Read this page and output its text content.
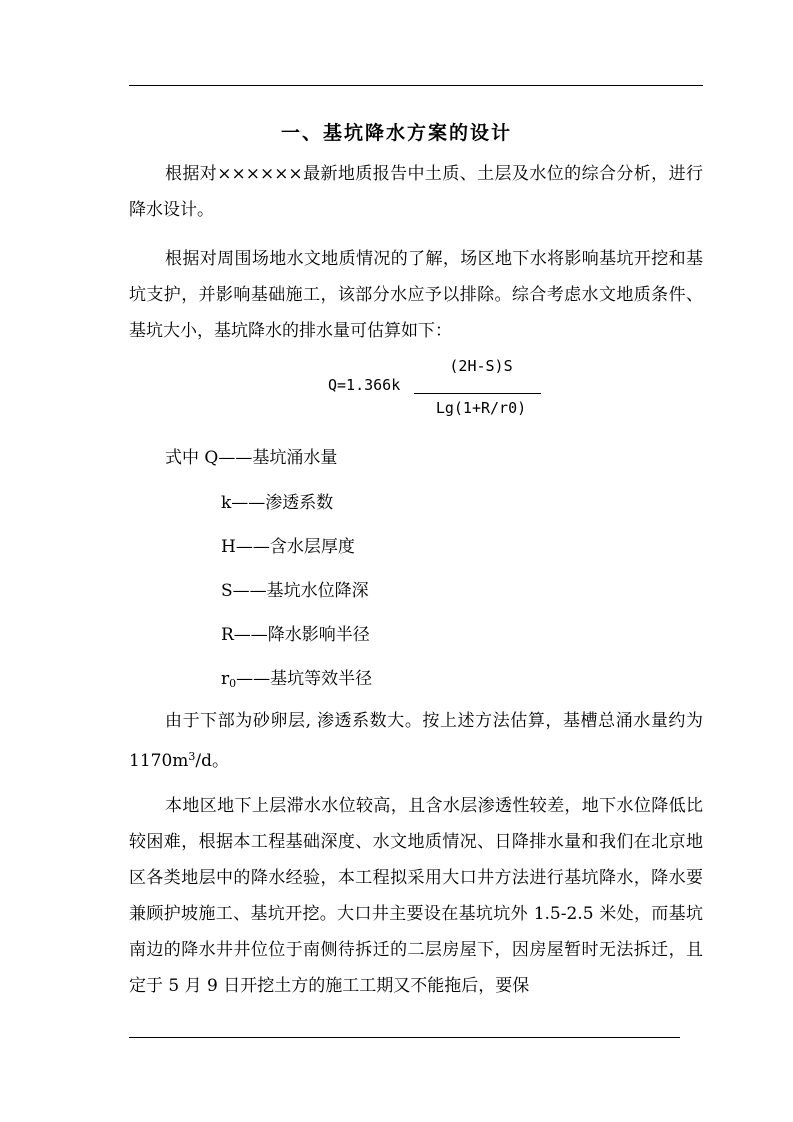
一、基坑降水方案的设计

根据对××××××最新地质报告中土质、土层及水位的综合分析，进行降水设计。

根据对周围场地水文地质情况的了解，场区地下水将影响基坑开挖和基坑支护，并影响基础施工，该部分水应予以排除。综合考虑水文地质条件、基坑大小，基坑降水的排水量可估算如下：

Q=1.366k
(2H-S)S
Lg(1+R/r0)
式中 Q——基坑涌水量
k——渗透系数
H——含水层厚度
S——基坑水位降深
R——降水影响半径
$r_0——$基坑等效半径

由于下部为砂卵层, 渗透系数大。按上述方法估算，基槽总涌水量约为 $1170m^3/d$。

本地区地下上层滞水水位较高，且含水层渗透性较差，地下水位降低比较困难，根据本工程基础深度、水文地质情况、日降排水量和我们在北京地区各类地层中的降水经验，本工程拟采用大口井方法进行基坑降水，降水要兼顾护坡施工、基坑开挖。大口井主要设在基坑坑外 1.5-2.5 米处，而基坑南边的降水井井位位于南侧待拆迁的二层房屋下，因房屋暂时无法拆迁，且定于 5 月 9 日开挖土方的施工工期又不能拖后，要保
